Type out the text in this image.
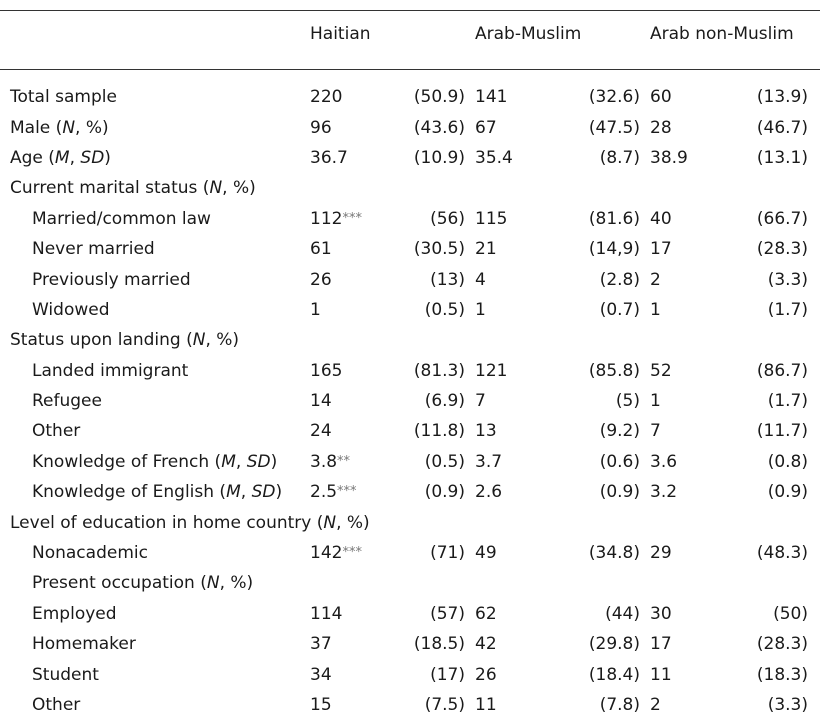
	Haitian		Arab-Muslim		Arab non-Muslim	

Total sample	220	(50.9)	141	(32.6)	60	(13.9)
Male (N, %)	96	(43.6)	67	(47.5)	28	(46.7)
Age (M, SD)	36.7	(10.9)	35.4	(8.7)	38.9	(13.1)
Current marital status (N, %)						
Married/common law	112***	(56)	115	(81.6)	40	(66.7)
Never married	61	(30.5)	21	(14,9)	17	(28.3)
Previously married	26	(13)	4	(2.8)	2	(3.3)
Widowed	1	(0.5)	1	(0.7)	1	(1.7)
Status upon landing (N, %)						
Landed immigrant	165	(81.3)	121	(85.8)	52	(86.7)
Refugee	14	(6.9)	7	(5)	1	(1.7)
Other	24	(11.8)	13	(9.2)	7	(11.7)
Knowledge of French (M, SD)	3.8**	(0.5)	3.7	(0.6)	3.6	(0.8)
Knowledge of English (M, SD)	2.5***	(0.9)	2.6	(0.9)	3.2	(0.9)
Level of education in home country (N, %)						
Nonacademic	142***	(71)	49	(34.8)	29	(48.3)
Present occupation (N, %)						
Employed	114	(57)	62	(44)	30	(50)
Homemaker	37	(18.5)	42	(29.8)	17	(28.3)
Student	34	(17)	26	(18.4)	11	(18.3)
Other	15	(7.5)	11	(7.8)	2	(3.3)
